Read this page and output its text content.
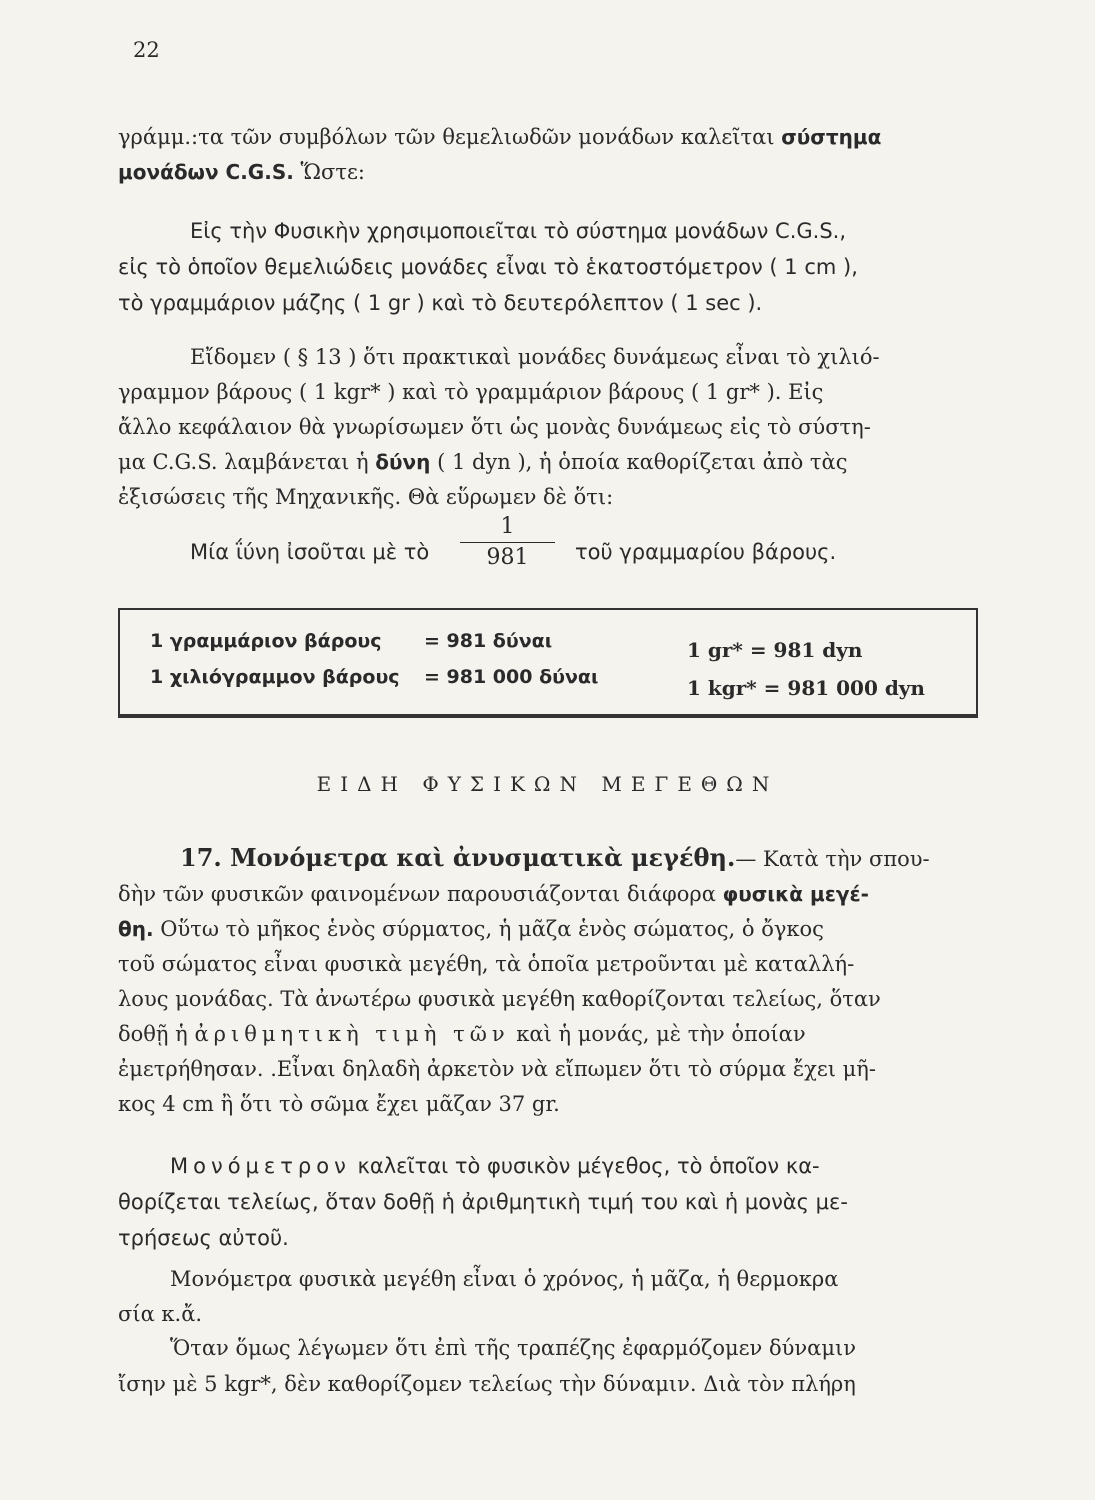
22

γράμμ.:τα τῶν συμβόλων τῶν θεμελιωδῶν μονάδων καλεῖται σύστημα
μονάδων C.G.S. Ὥστε:

Εἰς τὴν Φυσικὴν χρησιμοποιεῖται τὸ σύστημα μονάδων C.G.S.,
εἰς τὸ ὁποῖον θεμελιώδεις μονάδες εἶναι τὸ ἑκατοστόμετρον ( 1 cm ),
τὸ γραμμάριον μάζης ( 1 gr ) καὶ τὸ δευτερόλεπτον ( 1 sec ).

Εἴδομεν ( § 13 ) ὅτι πρακτικαὶ μονάδες δυνάμεως εἶναι τὸ χιλιό-
γραμμον βάρους ( 1 kgr* ) καὶ τὸ γραμμάριον βάρους ( 1 gr* ). Εἰς
ἄλλο κεφάλαιον θὰ γνωρίσωμεν ὅτι ὡς μονὰς δυνάμεως εἰς τὸ σύστη-
μα C.G.S. λαμβάνεται ἡ δύνη ( 1 dyn ), ἡ ὁποία καθορίζεται ἀπὸ τὰς
ἐξισώσεις τῆς Μηχανικῆς. Θὰ εὕρωμεν δὲ ὅτι:

Μία ΐύνη ἰσοῦται μὲ τὸ $\frac{1}{981}$ τοῦ γραμμαρίου βάρους.
1 γραμμάριον βάρους = 981 δύναι	1 gr* = 981 dyn
1 χιλιόγραμμον βάρους = 981 000 δύναι	1 kgr* = 981 000 dyn
ΕΙΔΗ ΦΥΣΙΚΩΝ ΜΕΓΕΘΩΝ

17. Μονόμετρα καὶ ἀνυσματικὰ μεγέθη.— Κατὰ τὴν σπου-
δὴν τῶν φυσικῶν φαινομένων παρουσιάζονται διάφορα φυσικὰ μεγέ-
θη. Οὕτω τὸ μῆκος ἑνὸς σύρματος, ἡ μᾶζα ἑνὸς σώματος, ὁ ὄγκος
τοῦ σώματος εἶναι φυσικὰ μεγέθη, τὰ ὁποῖα μετροῦνται μὲ καταλλή-
λους μονάδας. Τὰ ἀνωτέρω φυσικὰ μεγέθη καθορίζονται τελείως, ὅταν
δοθῇ ἡ ἀριθμητικὴ τιμὴ τῶν καὶ ἡ μονάς, μὲ τὴν ὁποίαν
ἐμετρήθησαν. .Εἶναι δηλαδὴ ἀρκετὸν νὰ εἴπωμεν ὅτι τὸ σύρμα ἔχει μῆ-
κος 4 cm ἢ ὅτι τὸ σῶμα ἔχει μᾶζαν 37 gr.

Μονόμετρον καλεῖται τὸ φυσικὸν μέγεθος, τὸ ὁποῖον κα-
θορίζεται τελείως, ὅταν δοθῇ ἡ ἀριθμητικὴ τιμή του καὶ ἡ μονὰς με-
τρήσεως αὐτοῦ.

Μονόμετρα φυσικὰ μεγέθη εἶναι ὁ χρόνος, ἡ μᾶζα, ἡ θερμοκρα
σία κ.ἄ.

Ὅταν ὅμως λέγωμεν ὅτι ἐπὶ τῆς τραπέζης ἐφαρμόζομεν δύναμιν
ἴσην μὲ 5 kgr*, δὲν καθορίζομεν τελείως τὴν δύναμιν. Διὰ τὸν πλήρη
